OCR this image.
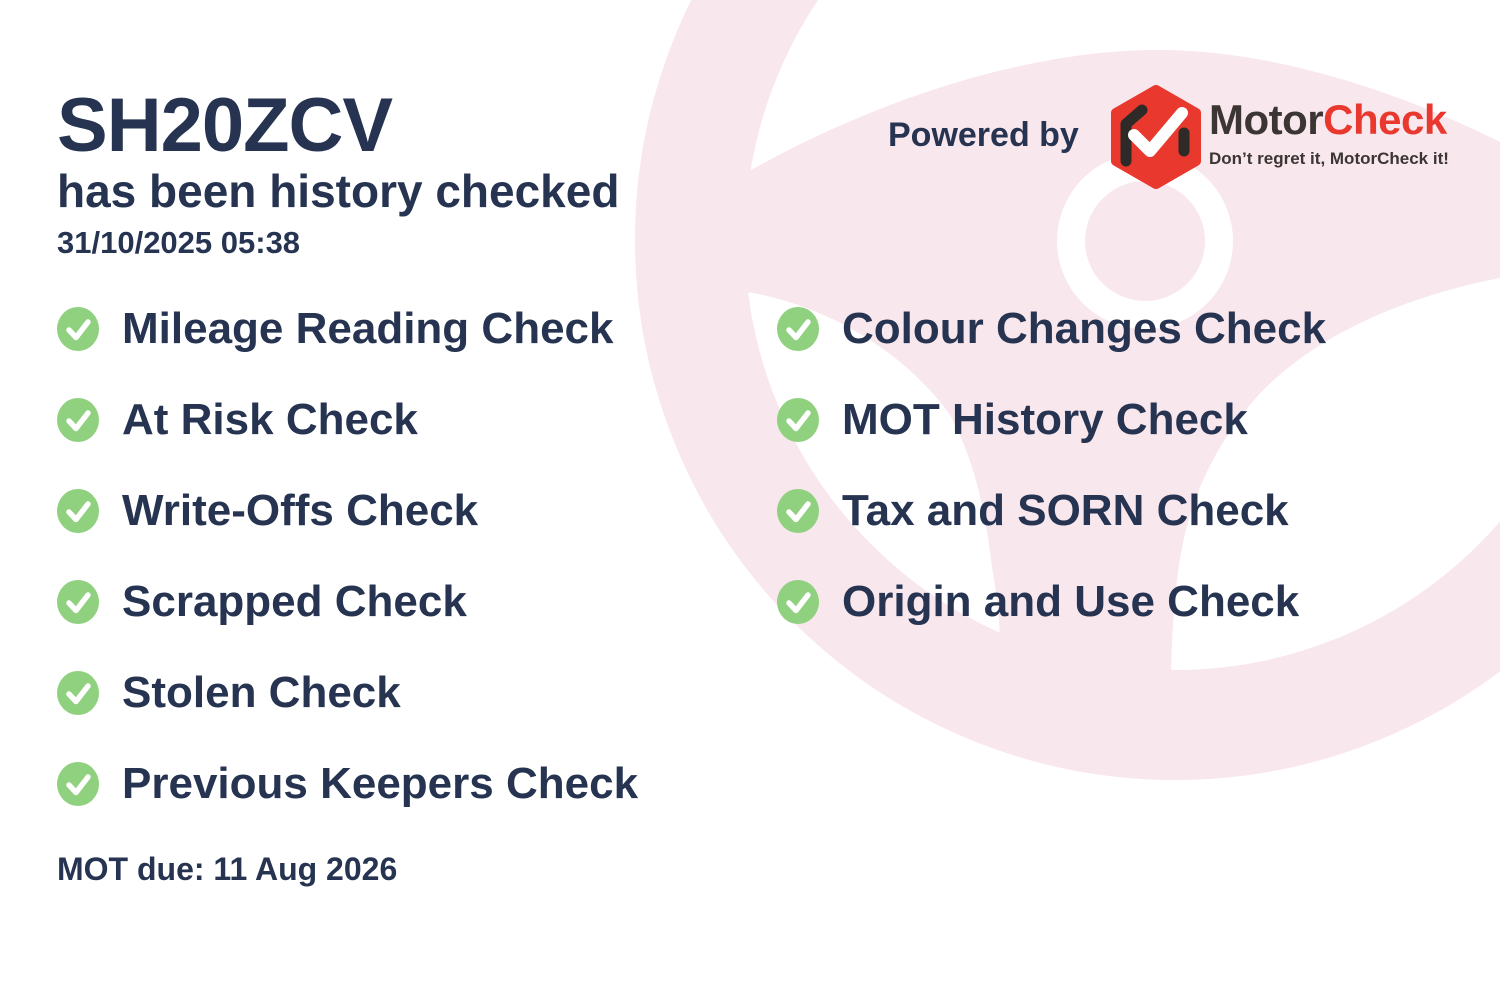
SH20ZCV
has been history checked
31/10/2025 05:38
Powered by	MotorCheck
Don’t regret it, MotorCheck it!
Mileage Reading Check
At Risk Check
Write-Offs Check
Scrapped Check
Stolen Check
Previous Keepers Check
Colour Changes Check
MOT History Check
Tax and SORN Check
Origin and Use Check
MOT due: 11 Aug 2026
